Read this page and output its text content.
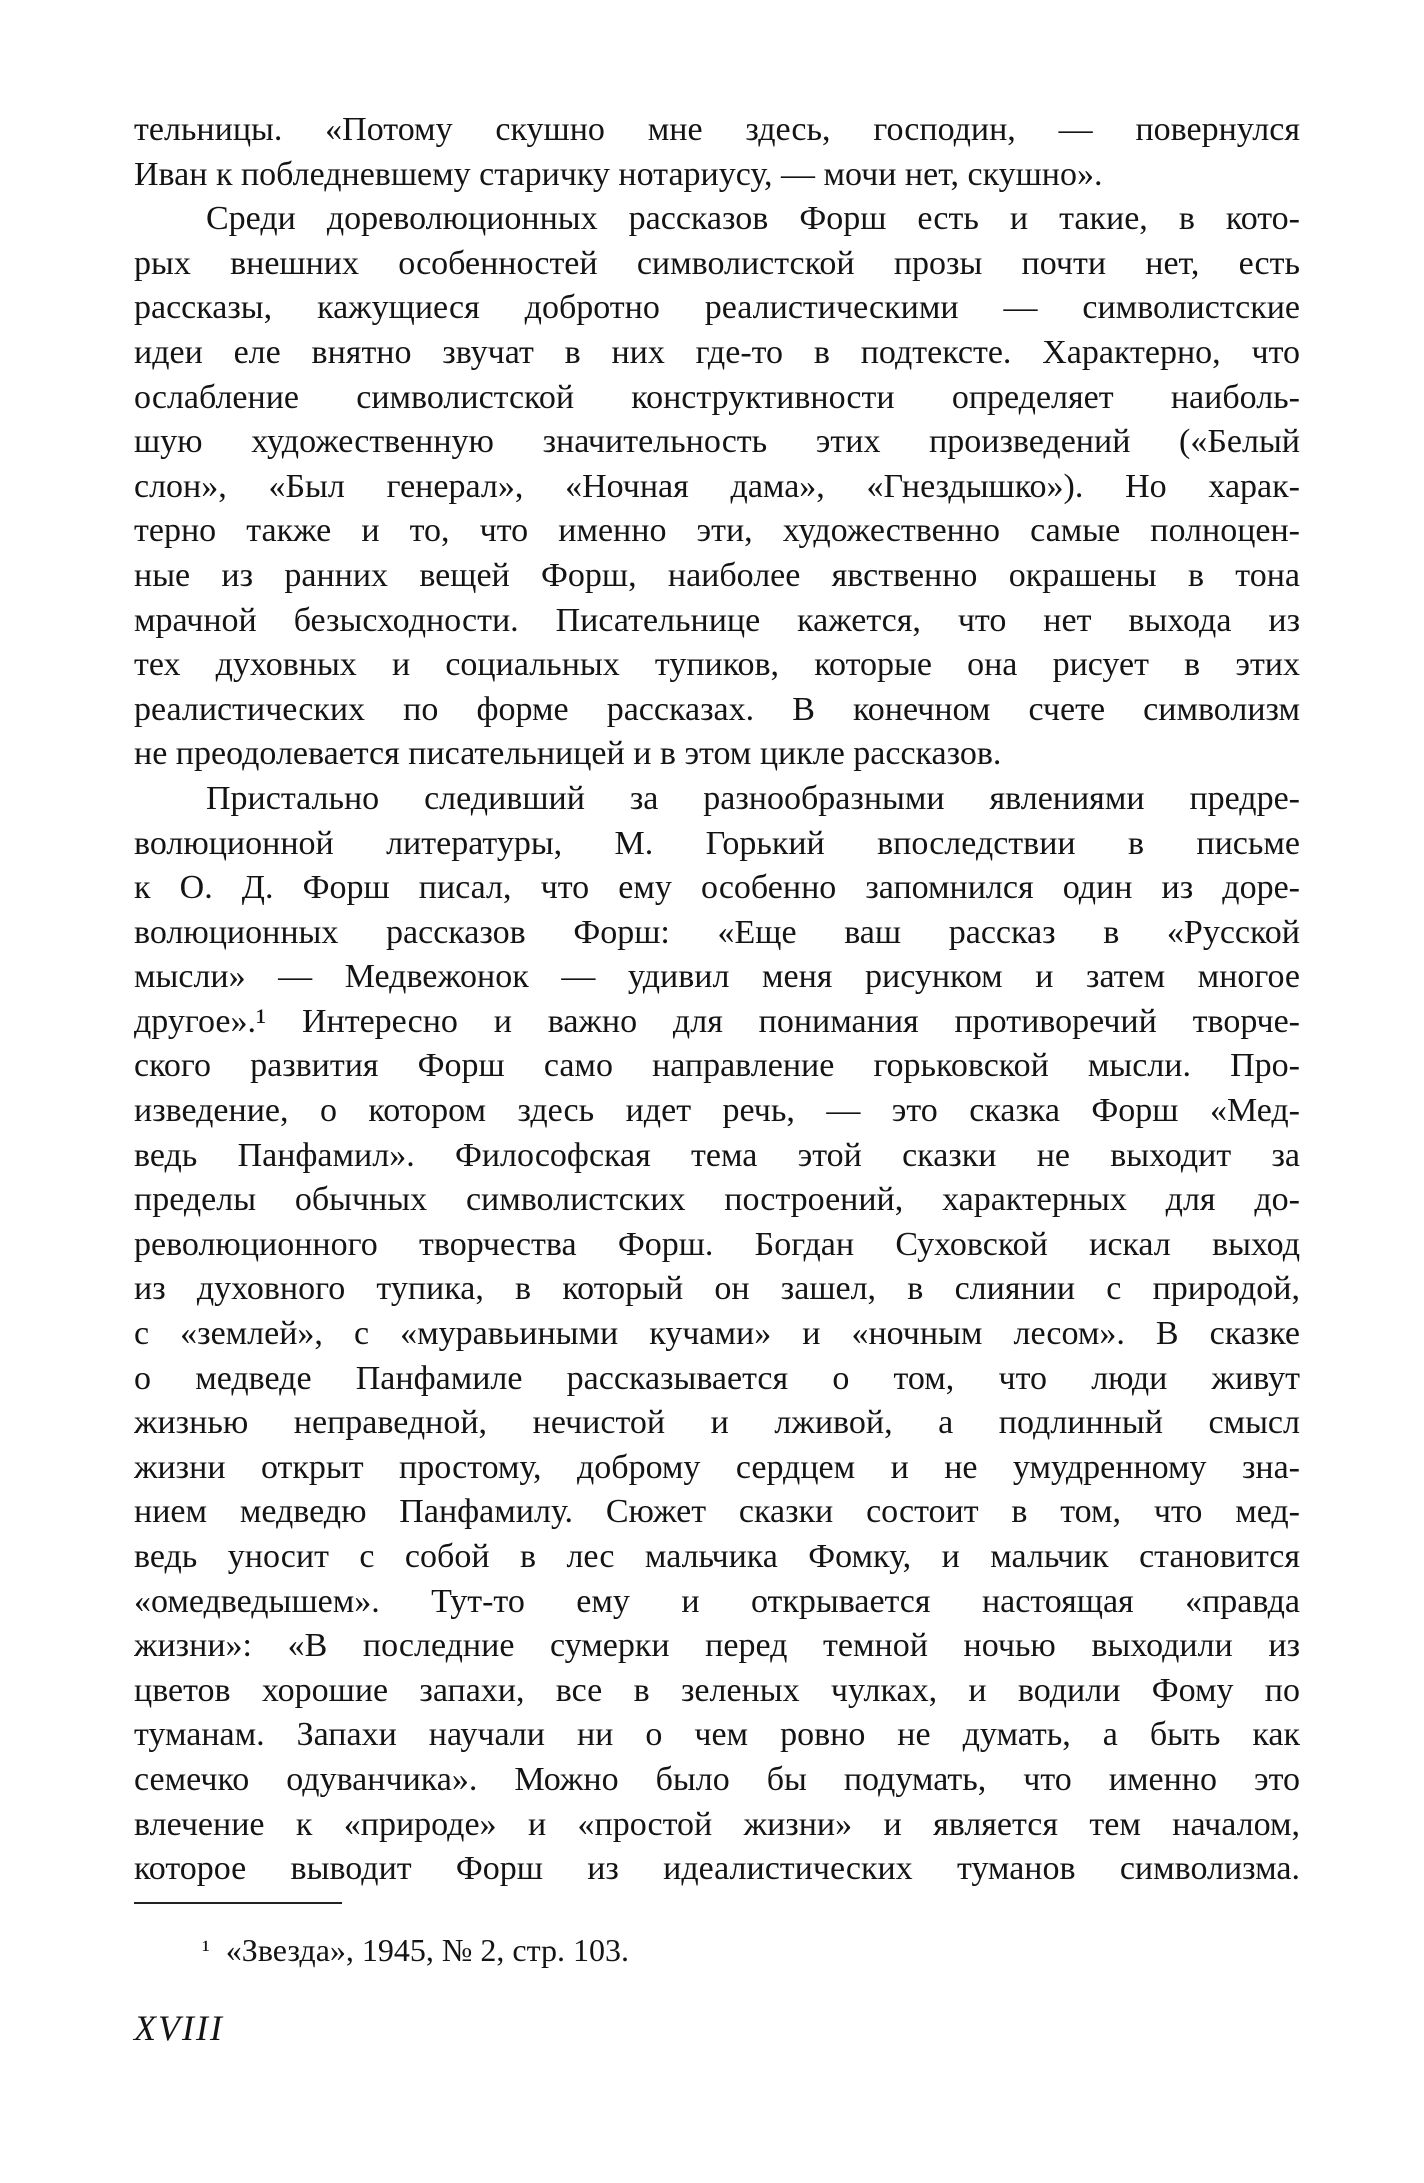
тельницы. «Потому скушно мне здесь, господин, — повернулся
Иван к побледневшему старичку нотариусу, — мочи нет, скушно».
Среди дореволюционных рассказов Форш есть и такие, в кото-
рых внешних особенностей символистской прозы почти нет, есть
рассказы, кажущиеся добротно реалистическими — символистские
идеи еле внятно звучат в них где-то в подтексте. Характерно, что
ослабление символистской конструктивности определяет наиболь-
шую художественную значительность этих произведений («Белый
слон», «Был генерал», «Ночная дама», «Гнездышко»). Но харак-
терно также и то, что именно эти, художественно самые полноцен-
ные из ранних вещей Форш, наиболее явственно окрашены в тона
мрачной безысходности. Писательнице кажется, что нет выхода из
тех духовных и социальных тупиков, которые она рисует в этих
реалистических по форме рассказах. В конечном счете символизм
не преодолевается писательницей и в этом цикле рассказов.
Пристально следивший за разнообразными явлениями предре-
волюционной литературы, М. Горький впоследствии в письме
к О. Д. Форш писал, что ему особенно запомнился один из доре-
волюционных рассказов Форш: «Еще ваш рассказ в «Русской
мысли» — Медвежонок — удивил меня рисунком и затем многое
другое».¹ Интересно и важно для понимания противоречий творче-
ского развития Форш само направление горьковской мысли. Про-
изведение, о котором здесь идет речь, — это сказка Форш «Мед-
ведь Панфамил». Философская тема этой сказки не выходит за
пределы обычных символистских построений, характерных для до-
революционного творчества Форш. Богдан Суховской искал выход
из духовного тупика, в который он зашел, в слиянии с природой,
с «землей», с «муравьиными кучами» и «ночным лесом». В сказке
о медведе Панфамиле рассказывается о том, что люди живут
жизнью неправедной, нечистой и лживой, а подлинный смысл
жизни открыт простому, доброму сердцем и не умудренному зна-
нием медведю Панфамилу. Сюжет сказки состоит в том, что мед-
ведь уносит с собой в лес мальчика Фомку, и мальчик становится
«омедведышем». Тут-то ему и открывается настоящая «правда
жизни»: «В последние сумерки перед темной ночью выходили из
цветов хорошие запахи, все в зеленых чулках, и водили Фому по
туманам. Запахи научали ни о чем ровно не думать, а быть как
семечко одуванчика». Можно было бы подумать, что именно это
влечение к «природе» и «простой жизни» и является тем началом,
которое выводит Форш из идеалистических туманов символизма.
¹ «Звезда», 1945, № 2, стр. 103.
XVIII
